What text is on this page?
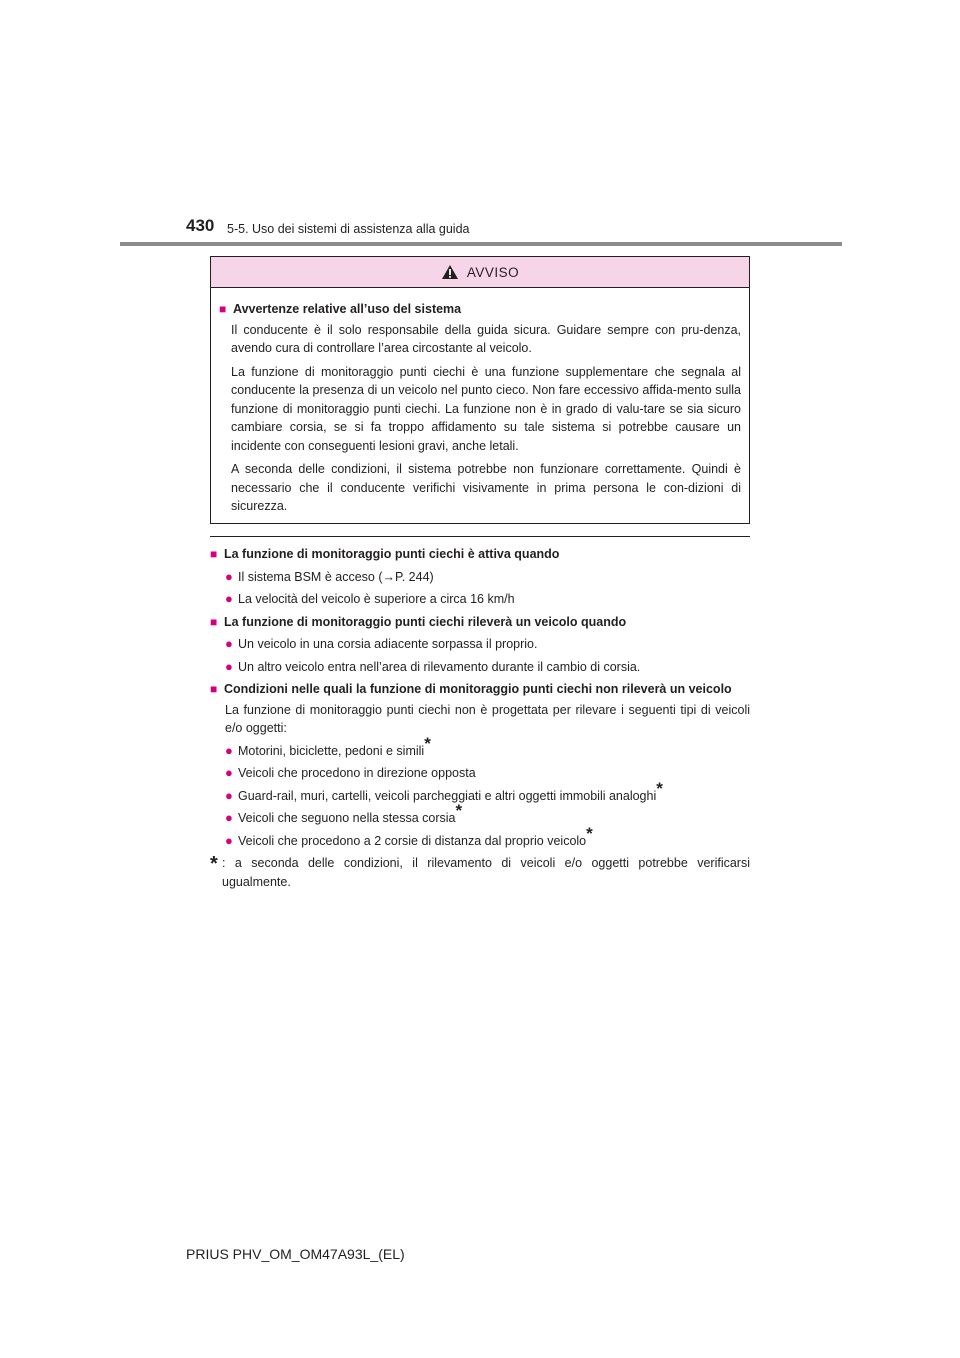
430 5-5. Uso dei sistemi di assistenza alla guida
AVVISO
■ Avvertenze relative all’uso del sistema
Il conducente è il solo responsabile della guida sicura. Guidare sempre con pru-denza, avendo cura di controllare l’area circostante al veicolo.
La funzione di monitoraggio punti ciechi è una funzione supplementare che segnala al conducente la presenza di un veicolo nel punto cieco. Non fare eccessivo affida-mento sulla funzione di monitoraggio punti ciechi. La funzione non è in grado di valu-tare se sia sicuro cambiare corsia, se si fa troppo affidamento su tale sistema si potrebbe causare un incidente con conseguenti lesioni gravi, anche letali.
A seconda delle condizioni, il sistema potrebbe non funzionare correttamente. Quindi è necessario che il conducente verifichi visivamente in prima persona le con-dizioni di sicurezza.
■ La funzione di monitoraggio punti ciechi è attiva quando
● Il sistema BSM è acceso (→P. 244)
● La velocità del veicolo è superiore a circa 16 km/h
■ La funzione di monitoraggio punti ciechi rileverà un veicolo quando
● Un veicolo in una corsia adiacente sorpassa il proprio.
● Un altro veicolo entra nell’area di rilevamento durante il cambio di corsia.
■ Condizioni nelle quali la funzione di monitoraggio punti ciechi non rileverà un veicolo
La funzione di monitoraggio punti ciechi non è progettata per rilevare i seguenti tipi di veicoli e/o oggetti:
● Motorini, biciclette, pedoni e simili*
● Veicoli che procedono in direzione opposta
● Guard-rail, muri, cartelli, veicoli parcheggiati e altri oggetti immobili analoghi*
● Veicoli che seguono nella stessa corsia*
● Veicoli che procedono a 2 corsie di distanza dal proprio veicolo*
* : a seconda delle condizioni, il rilevamento di veicoli e/o oggetti potrebbe verificarsi ugualmente.
PRIUS PHV_OM_OM47A93L_(EL)
